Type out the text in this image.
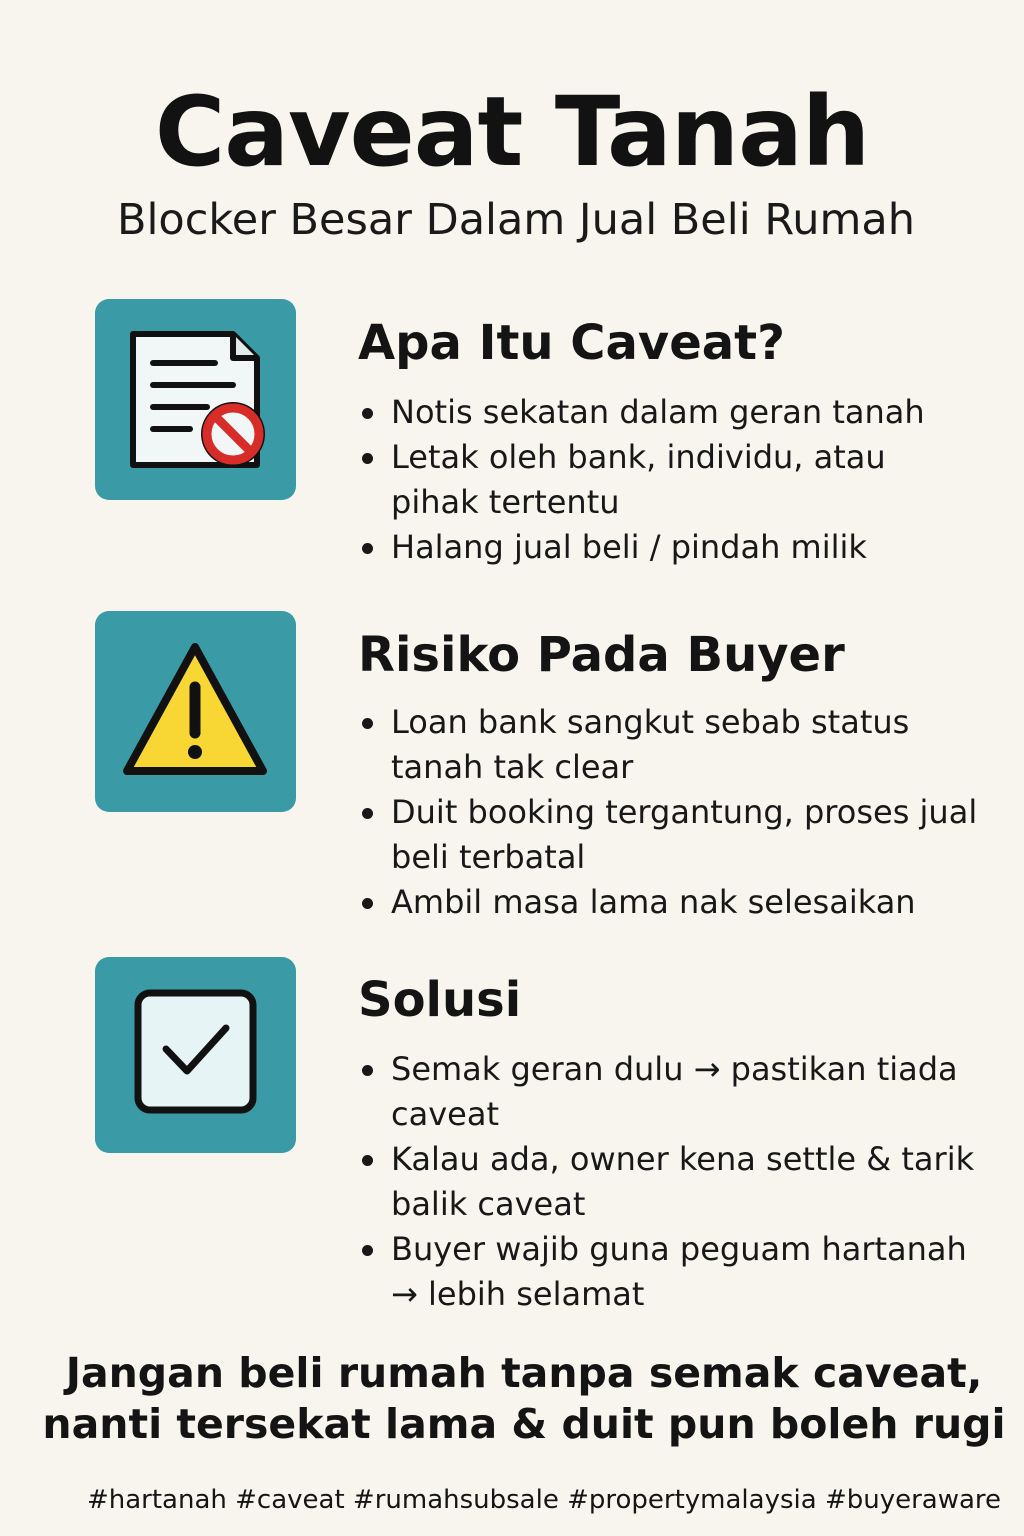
Caveat Tanah
Blocker Besar Dalam Jual Beli Rumah
Apa Itu Caveat?
Notis sekatan dalam geran tanah
Letak oleh bank, individu, atau pihak tertentu
Halang jual beli / pindah milik
Risiko Pada Buyer
Loan bank sangkut sebab status tanah tak clear
Duit booking tergantung, proses jual beli terbatal
Ambil masa lama nak selesaikan
Solusi
Semak geran dulu → pastikan tiada caveat
Kalau ada, owner kena settle & tarik balik caveat
Buyer wajib guna peguam hartanah → lebih selamat
Jangan beli rumah tanpa semak caveat,
nanti tersekat lama & duit pun boleh rugi
#hartanah #caveat #rumahsubsale #propertymalaysia #buyeraware
